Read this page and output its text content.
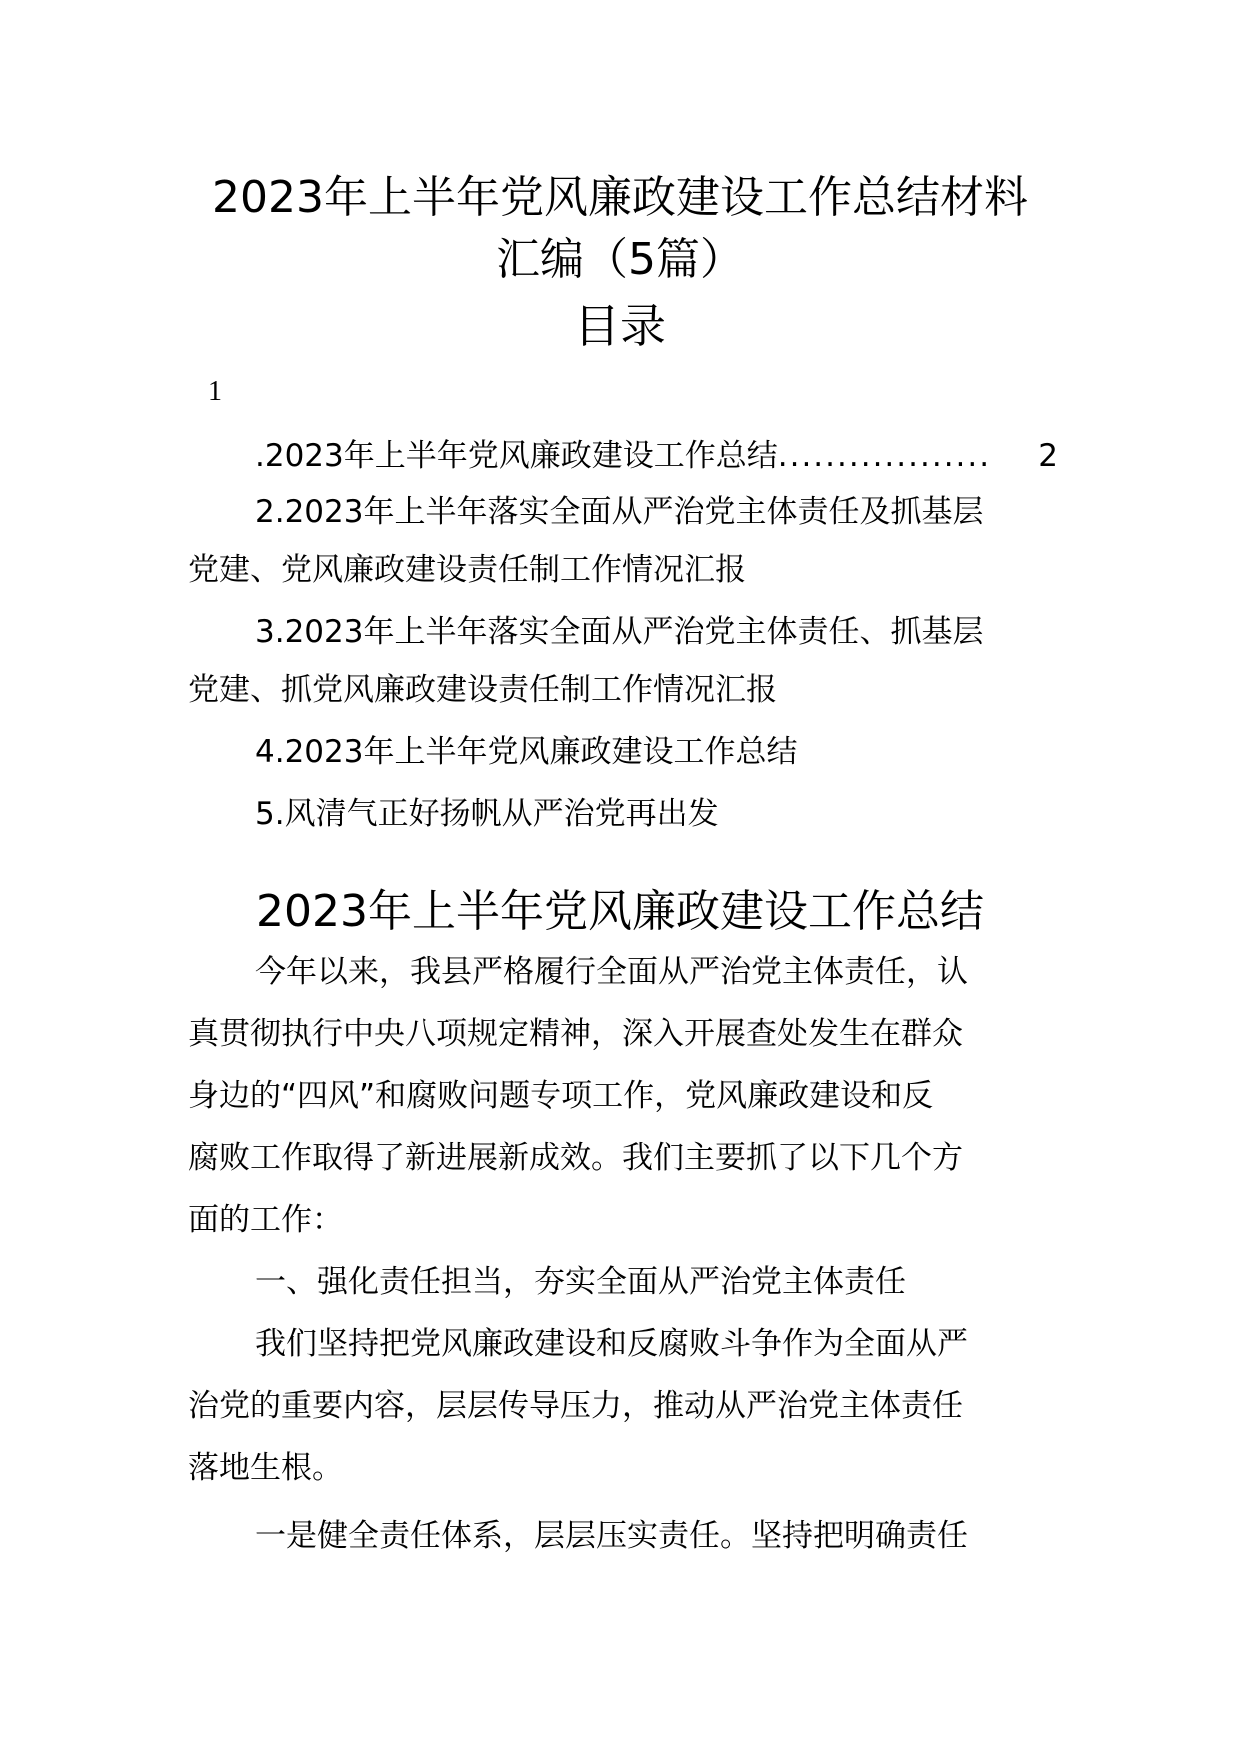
2023年上半年党风廉政建设工作总结材料
汇编（5篇）
目录
1
.2023年上半年党风廉政建设工作总结 ..................	2
2.2023年上半年落实全面从严治党主体责任及抓基层
党建、党风廉政建设责任制工作情况汇报
3.2023年上半年落实全面从严治党主体责任、抓基层
党建、抓党风廉政建设责任制工作情况汇报
4.2023年上半年党风廉政建设工作总结
5.风清气正好扬帆从严治党再出发
2023年上半年党风廉政建设工作总结
今年以来，我县严格履行全面从严治党主体责任，认
真贯彻执行中央八项规定精神，深入开展查处发生在群众
身边的“四风”和腐败问题专项工作，党风廉政建设和反
腐败工作取得了新进展新成效。我们主要抓了以下几个方
面的工作：
一、强化责任担当，夯实全面从严治党主体责任
我们坚持把党风廉政建设和反腐败斗争作为全面从严
治党的重要内容，层层传导压力，推动从严治党主体责任
落地生根。
一是健全责任体系，层层压实责任。坚持把明确责任
